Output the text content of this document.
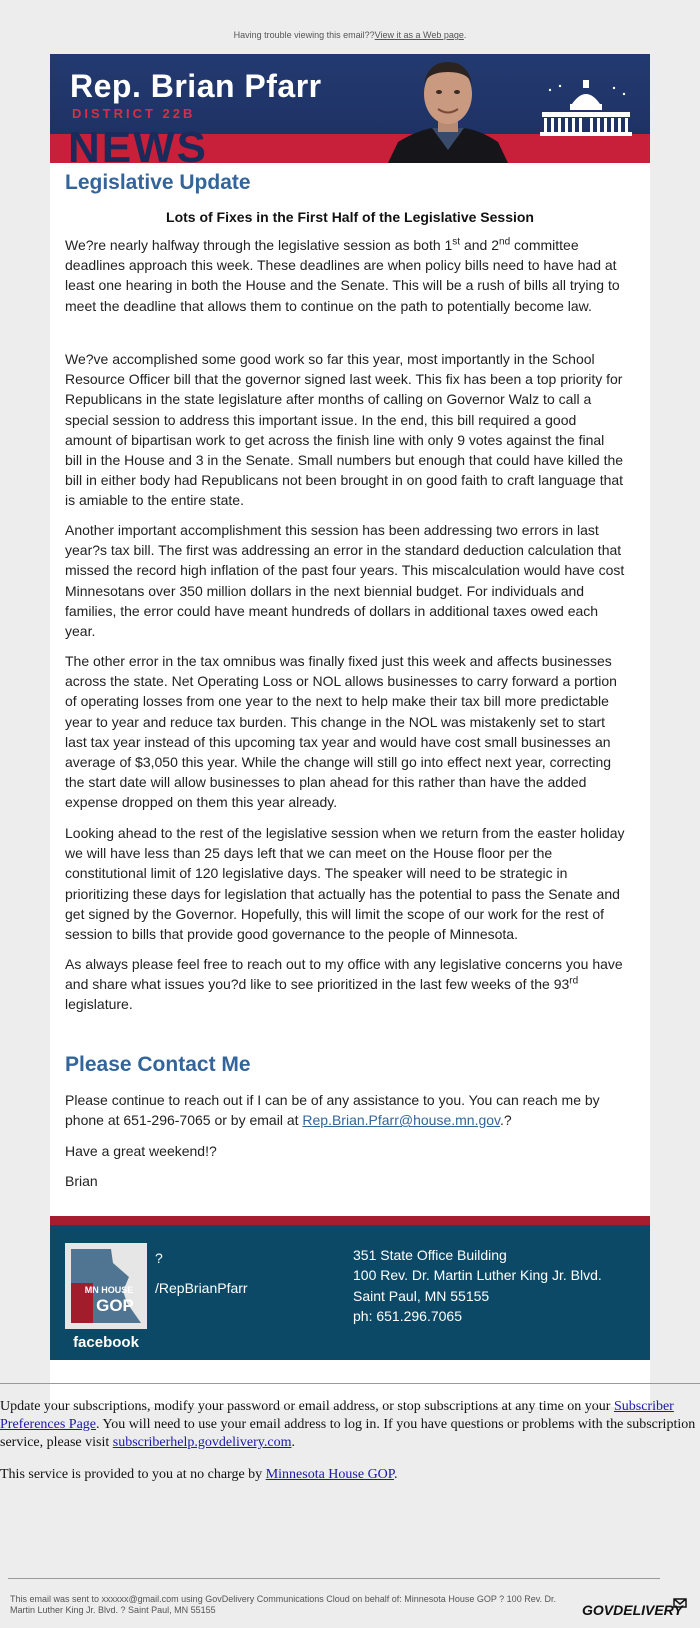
Having trouble viewing this email??View it as a Web page.
NEWS
Rep. Brian Pfarr
DISTRICT 22B
Legislative Update
Lots of Fixes in the First Half of the Legislative Session

We?re nearly halfway through the legislative session as both 1st and 2nd committee deadlines approach this week. These deadlines are when policy bills need to have had at least one hearing in both the House and the Senate. This will be a rush of bills all trying to meet the deadline that allows them to continue on the path to potentially become law.

We?ve accomplished some good work so far this year, most importantly in the School Resource Officer bill that the governor signed last week. This fix has been a top priority for Republicans in the state legislature after months of calling on Governor Walz to call a special session to address this important issue. In the end, this bill required a good amount of bipartisan work to get across the finish line with only 9 votes against the final bill in the House and 3 in the Senate. Small numbers but enough that could have killed the bill in either body had Republicans not been brought in on good faith to craft language that is amiable to the entire state.

Another important accomplishment this session has been addressing two errors in last year?s tax bill. The first was addressing an error in the standard deduction calculation that missed the record high inflation of the past four years. This miscalculation would have cost Minnesotans over 350 million dollars in the next biennial budget. For individuals and families, the error could have meant hundreds of dollars in additional taxes owed each year.

The other error in the tax omnibus was finally fixed just this week and affects businesses across the state. Net Operating Loss or NOL allows businesses to carry forward a portion of operating losses from one year to the next to help make their tax bill more predictable year to year and reduce tax burden. This change in the NOL was mistakenly set to start last tax year instead of this upcoming tax year and would have cost small businesses an average of $3,050 this year. While the change will still go into effect next year, correcting the start date will allow businesses to plan ahead for this rather than have the added expense dropped on them this year already.

Looking ahead to the rest of the legislative session when we return from the easter holiday we will have less than 25 days left that we can meet on the House floor per the constitutional limit of 120 legislative days. The speaker will need to be strategic in prioritizing these days for legislation that actually has the potential to pass the Senate and get signed by the Governor. Hopefully, this will limit the scope of our work for the rest of session to bills that provide good governance to the people of Minnesota.

As always please feel free to reach out to my office with any legislative concerns you have and share what issues you?d like to see prioritized in the last few weeks of the 93rd legislature.

Please Contact Me

Please continue to reach out if I can be of any assistance to you. You can reach me by phone at 651-296-7065 or by email at Rep.Brian.Pfarr@house.mn.gov.?

Have a great weekend!?

Brian

MN HOUSE
GOP
facebook
?
/RepBrianPfarr
351 State Office Building
100 Rev. Dr. Martin Luther King Jr. Blvd.
Saint Paul, MN 55155
ph: 651.296.7065

Update your subscriptions, modify your password or email address, or stop subscriptions at any time on your Subscriber Preferences Page. You will need to use your email address to log in. If you have questions or problems with the subscription service, please visit subscriberhelp.govdelivery.com.

This service is provided to you at no charge by Minnesota House GOP.

This email was sent to xxxxxx@gmail.com using GovDelivery Communications Cloud on behalf of: Minnesota House GOP ? 100 Rev. Dr. Martin Luther King Jr. Blvd. ? Saint Paul, MN 55155	GOVDELIVERY
